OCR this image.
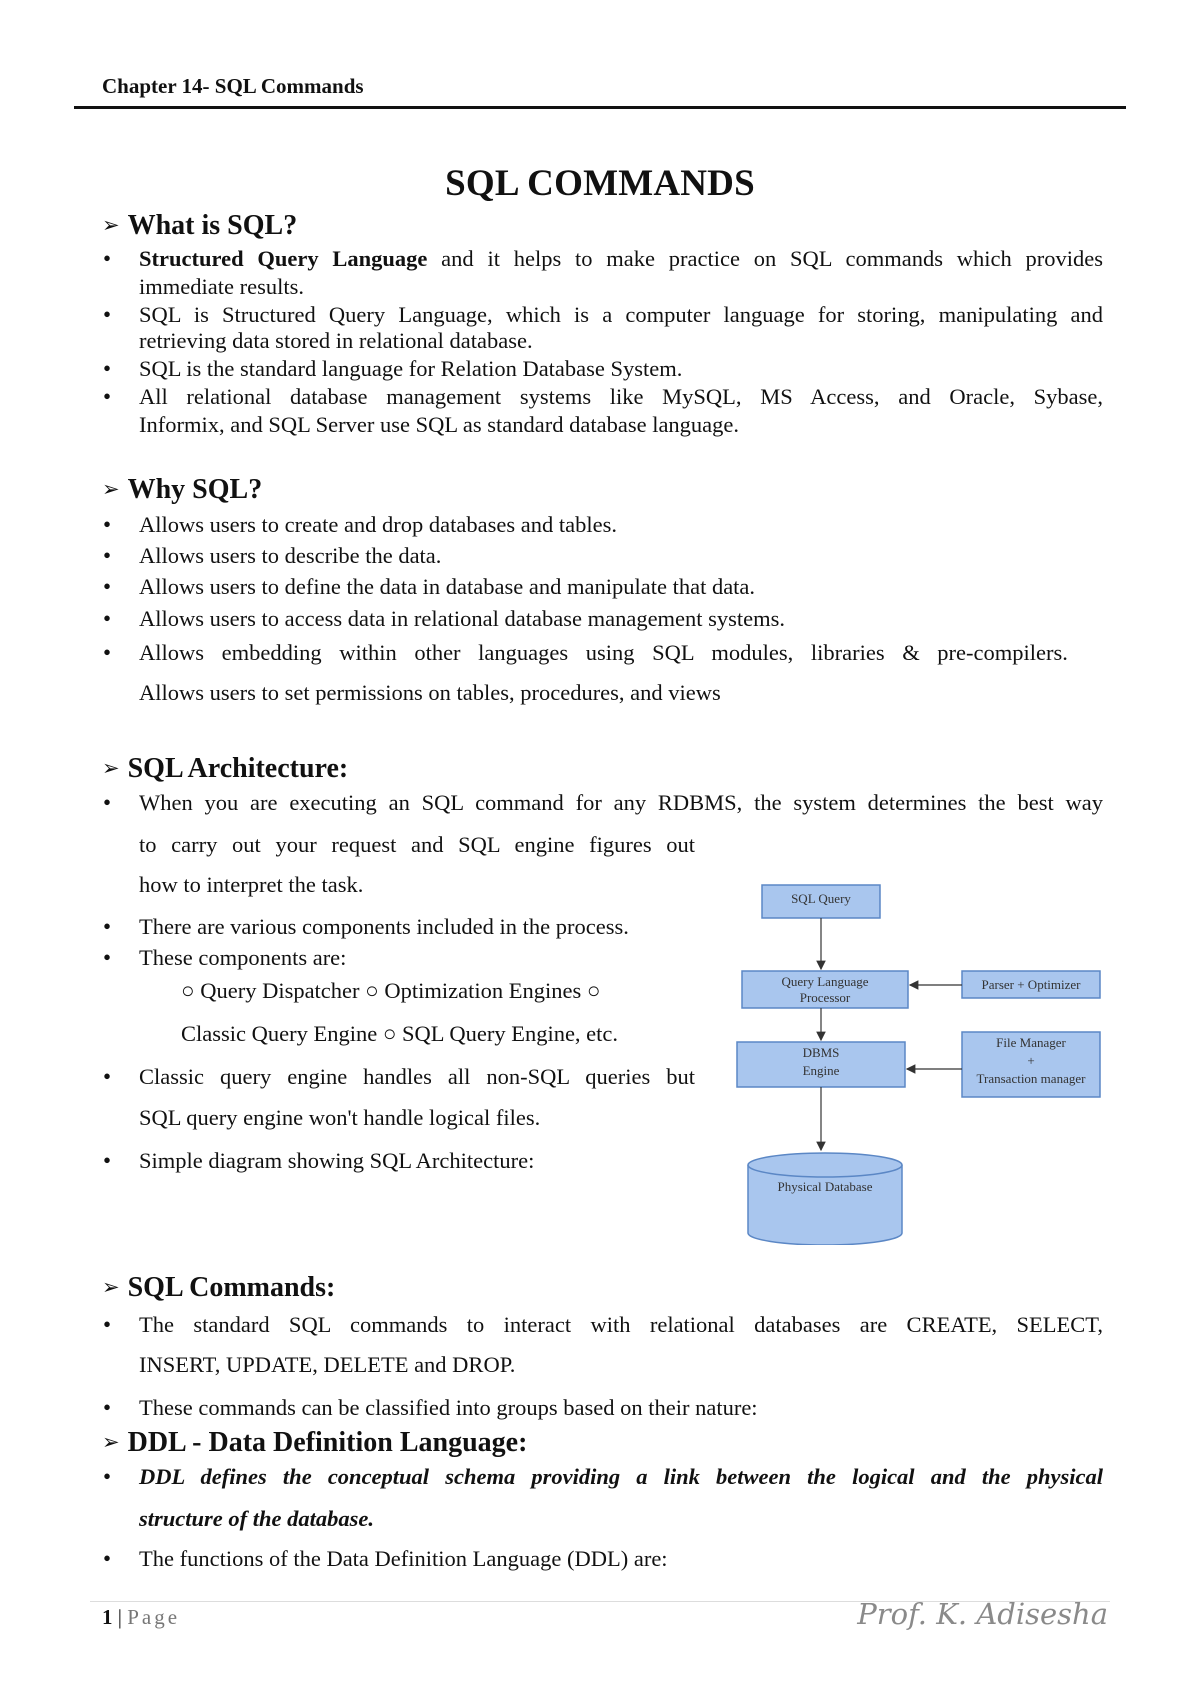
Chapter 14- SQL Commands
SQL COMMANDS
➢ What is SQL?
• Structured Query Language and it helps to make practice on SQL commands which provides
immediate results.
• SQL is Structured Query Language, which is a computer language for storing, manipulating and
retrieving data stored in relational database.
• SQL is the standard language for Relation Database System.
• All relational database management systems like MySQL, MS Access, and Oracle, Sybase,
Informix, and SQL Server use SQL as standard database language.
➢ Why SQL?
• Allows users to create and drop databases and tables.
• Allows users to describe the data.
• Allows users to define the data in database and manipulate that data.
• Allows users to access data in relational database management systems.
• Allows embedding within other languages using SQL modules, libraries & pre-compilers.
Allows users to set permissions on tables, procedures, and views
➢ SQL Architecture:
• When you are executing an SQL command for any RDBMS, the system determines the best way
to carry out your request and SQL engine figures out
how to interpret the task.
• There are various components included in the process.
• These components are:
○ Query Dispatcher ○ Optimization Engines ○
Classic Query Engine ○ SQL Query Engine, etc.
• Classic query engine handles all non-SQL queries but
SQL query engine won't handle logical files.
• Simple diagram showing SQL Architecture:
SQL Query
Query Language
Processor
Parser + Optimizer
DBMS
Engine
File Manager
+
Transaction manager
Physical Database
➢ SQL Commands:
• The standard SQL commands to interact with relational databases are CREATE, SELECT,
INSERT, UPDATE, DELETE and DROP.
• These commands can be classified into groups based on their nature:
➢ DDL - Data Definition Language:
• DDL defines the conceptual schema providing a link between the logical and the physical
structure of the database.
• The functions of the Data Definition Language (DDL) are:
1 | Page	Prof. K. Adisesha
